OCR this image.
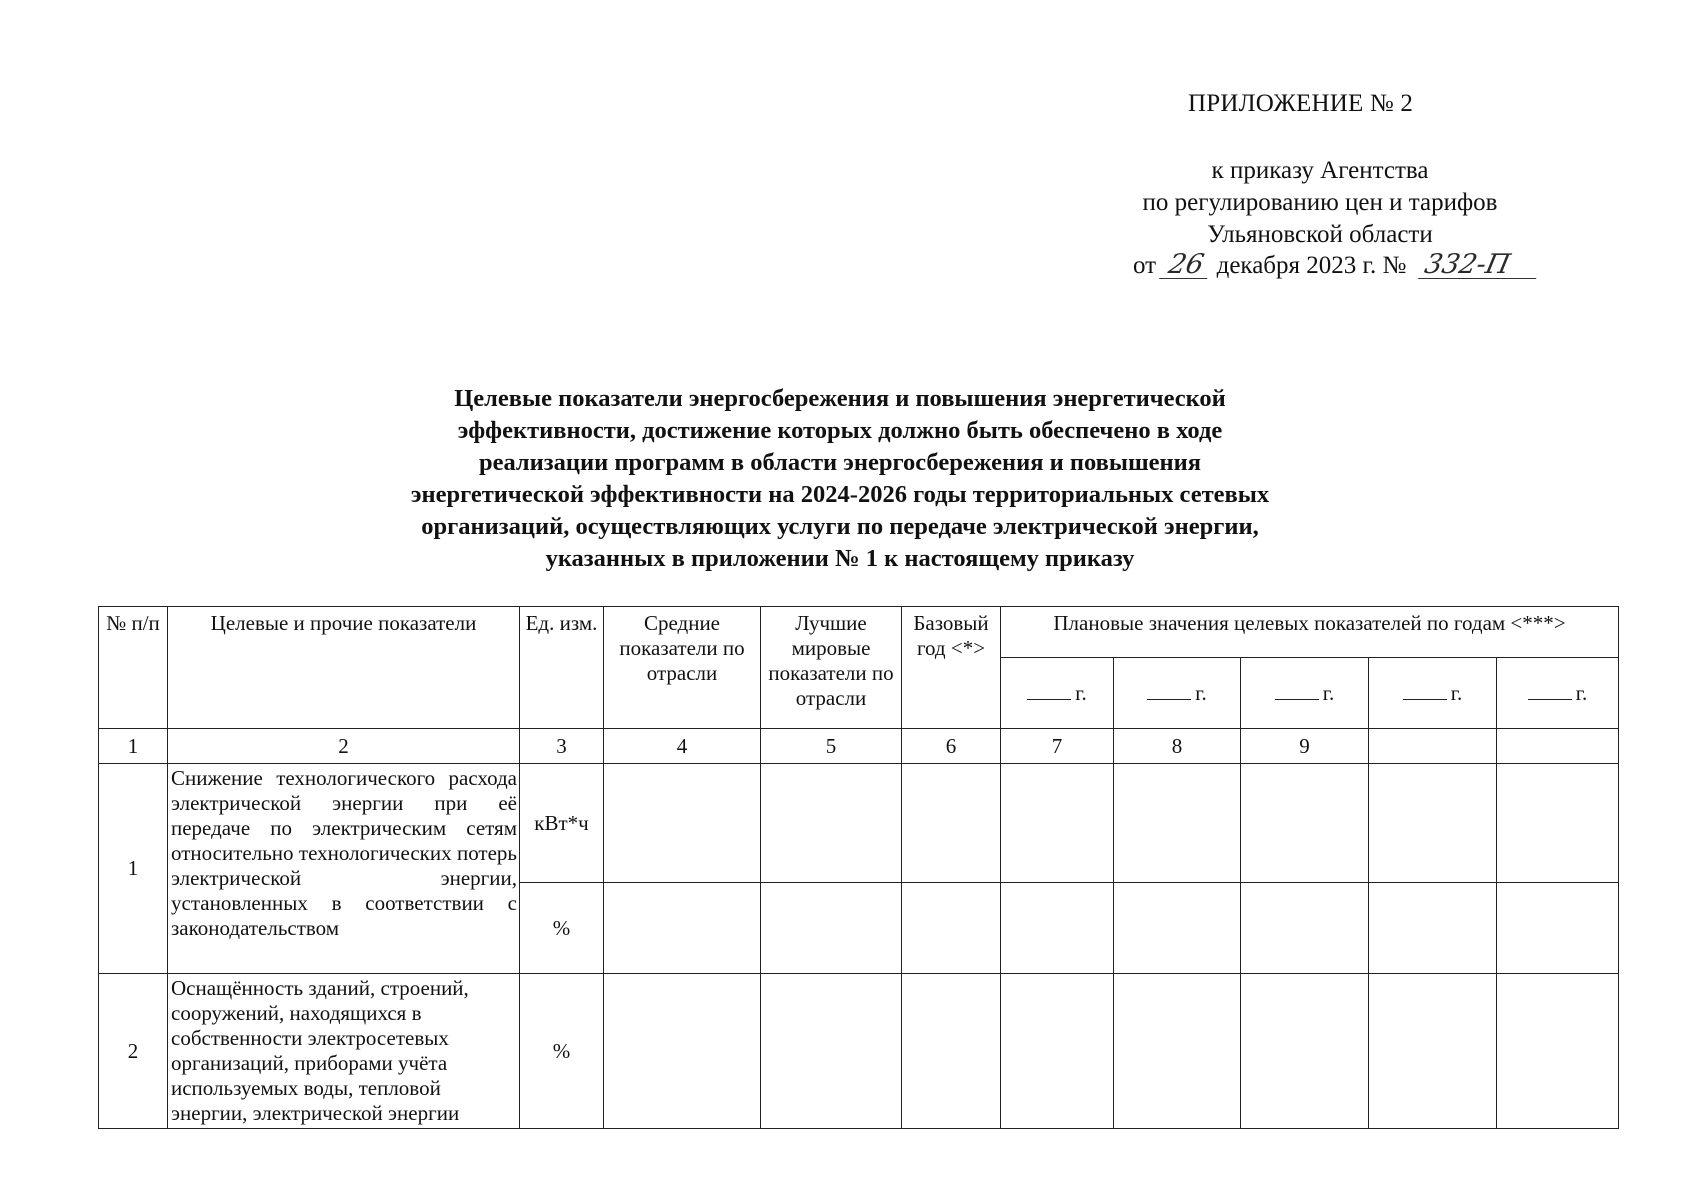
ПРИЛОЖЕНИЕ № 2
к приказу Агентства
по регулированию цен и тарифов
Ульяновской области
от 26 декабря 2023 г. № 332-П
Целевые показатели энергосбережения и повышения энергетической
эффективности, достижение которых должно быть обеспечено в ходе
реализации программ в области энергосбережения и повышения
энергетической эффективности на 2024-2026 годы территориальных сетевых
организаций, осуществляющих услуги по передаче электрической энергии,
указанных в приложении № 1 к настоящему приказу
№ п/п	Целевые и прочие показатели	Ед. изм.	Средние показатели по отрасли	Лучшие мировые показатели по отрасли	Базовый год <*>	Плановые значения целевых показателей по годам <***>				
						г.	г.	г.	г.	г.
1	2	3	4	5	6	7	8	9		
1	Снижение технологического расхода электрической энергии при её передаче по электрическим сетям относительно технологических потерь электрической энергии, установленных в соответствии с законодательством	кВт*ч								
		%								
2	Оснащённость зданий, строений, сооружений, находящихся в собственности электросетевых организаций, приборами учёта используемых воды, тепловой энергии, электрической энергии	%								
